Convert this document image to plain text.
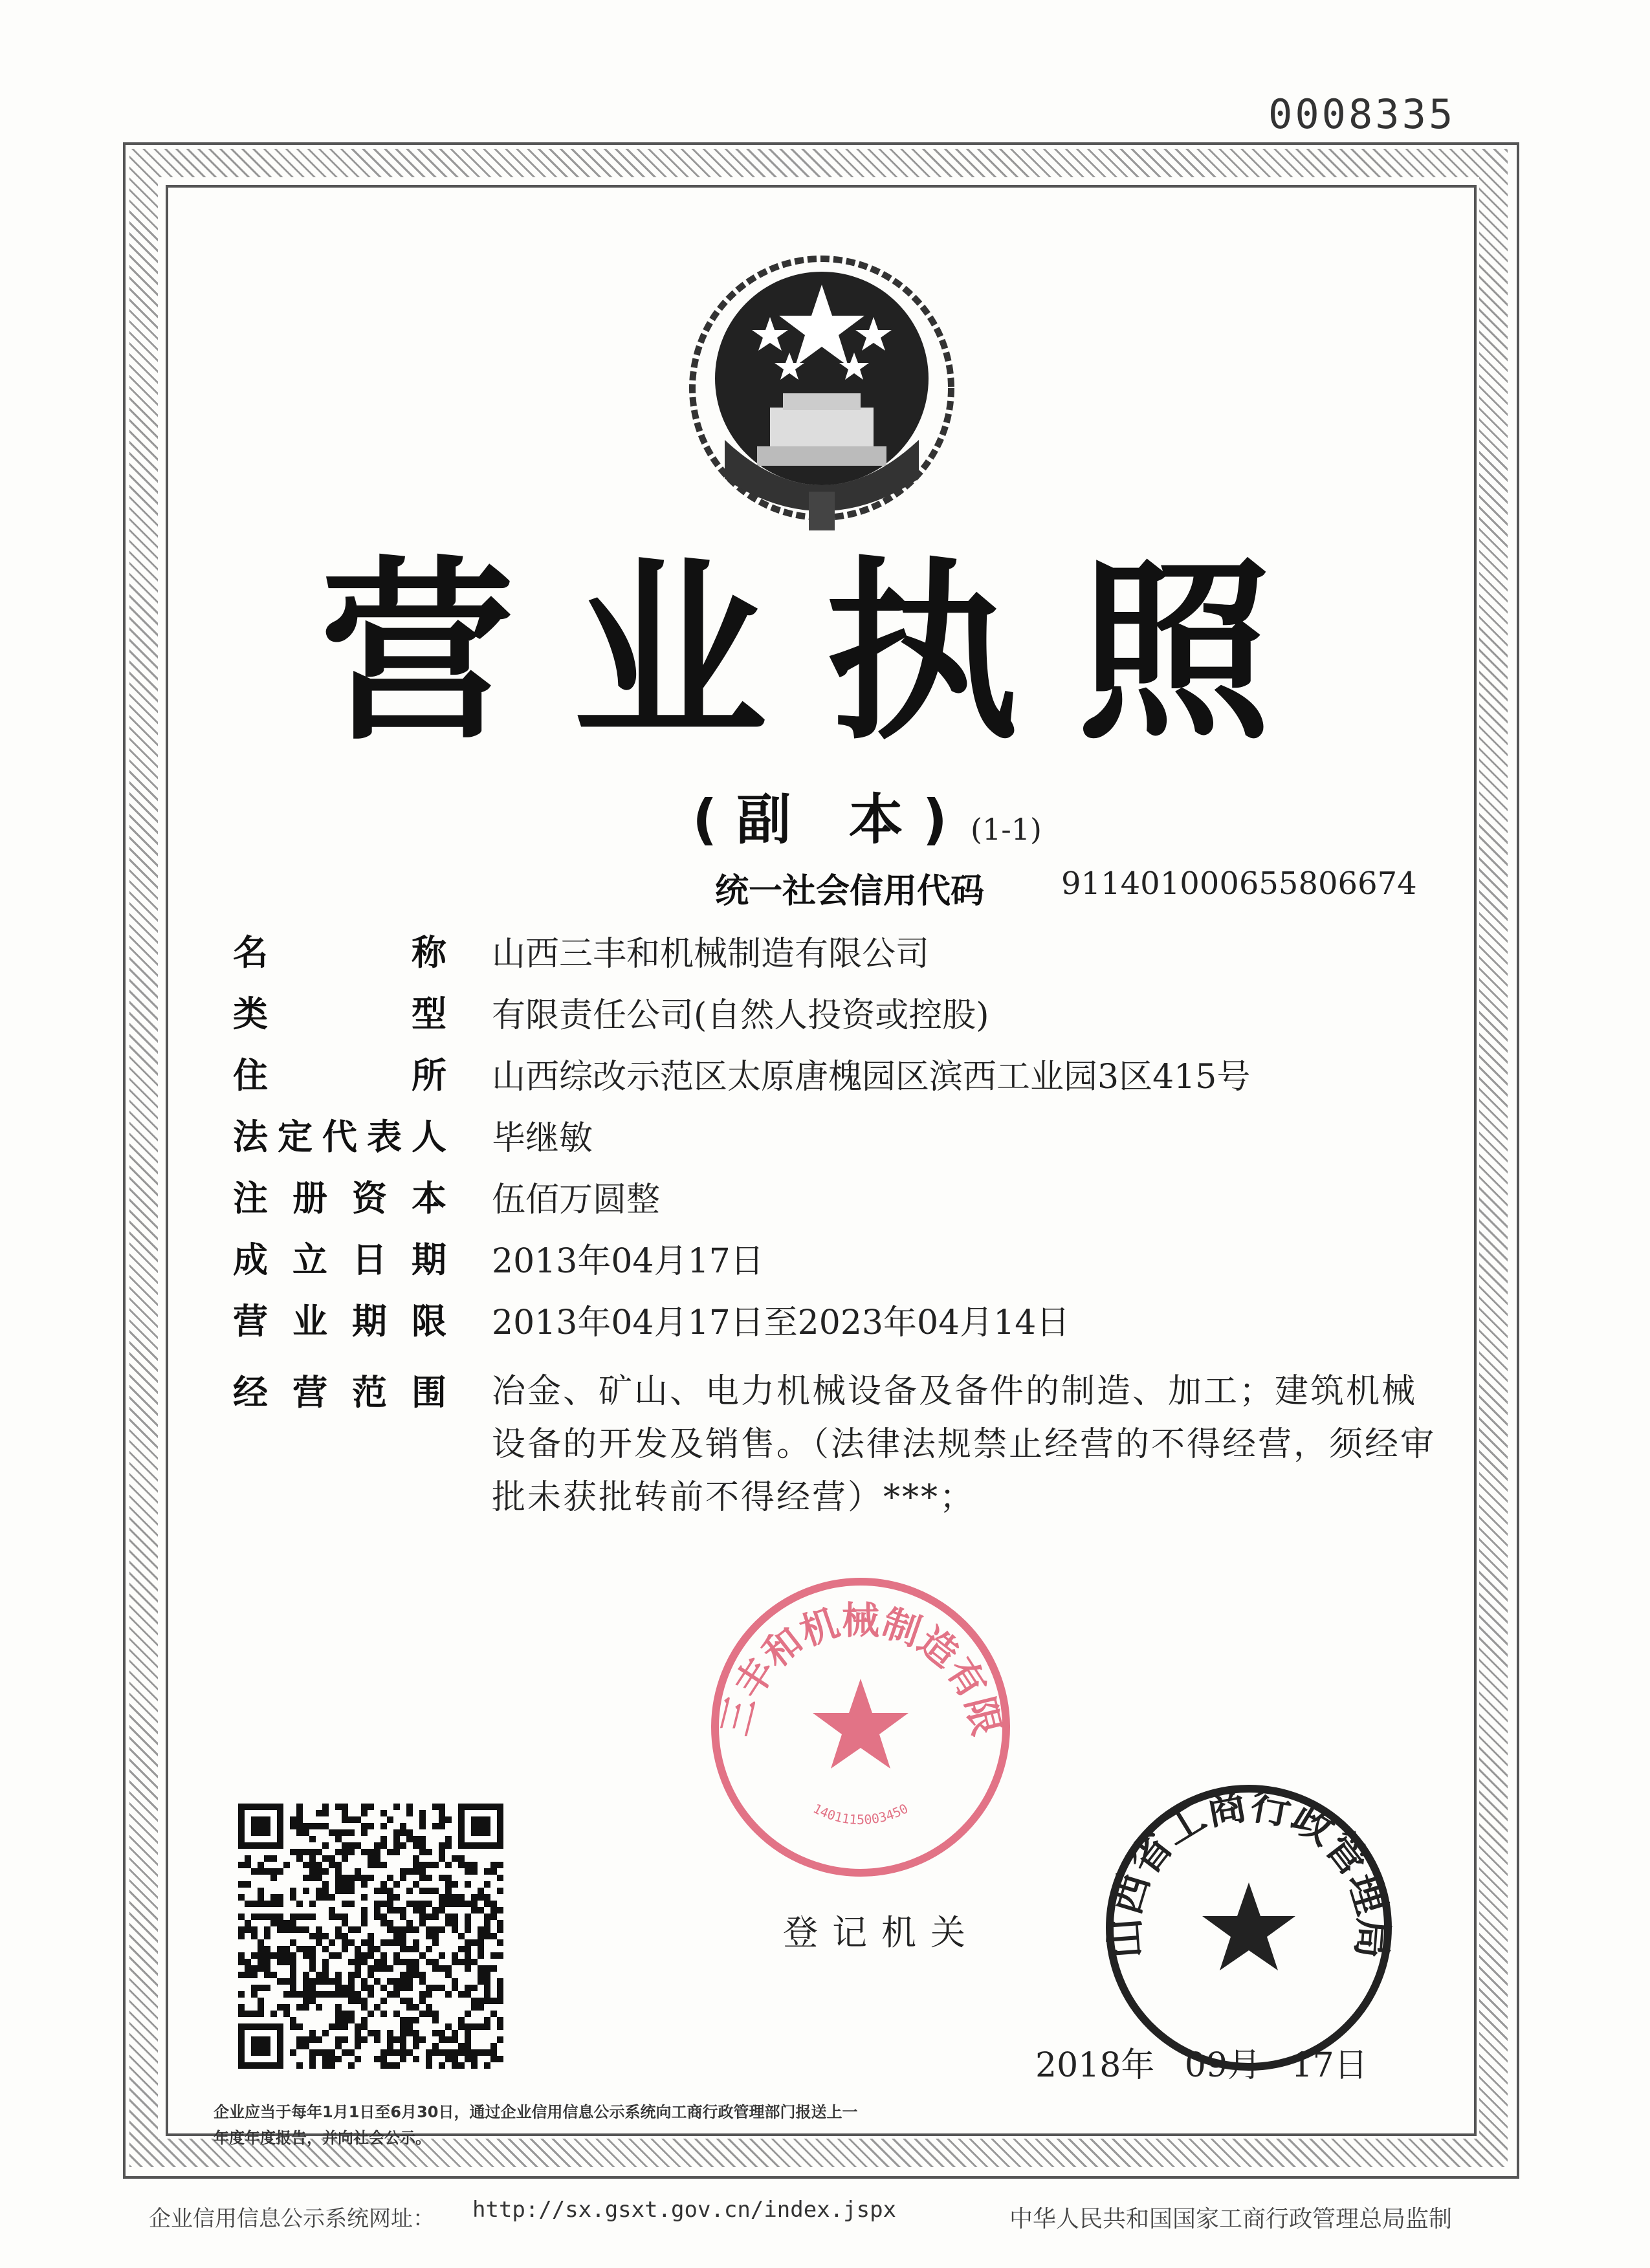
0008335
营业执照
(副 本) (1-1)
统一社会信用代码 911401000655806674
名	称 山西三丰和机械制造有限公司
类	型 有限责任公司(自然人投资或控股)
住	所 山西综改示范区太原唐槐园区滨西工业园3区415号
法 定 代 表 人 毕继敏
注 册 资 本 伍佰万圆整
成 立 日 期 2013年04月17日
营 业 期 限 2013年04月17日至2023年04月14日
经 营 范 围 冶金、矿山、电力机械设备及备件的制造、加工；建筑机械设备的开发及销售。（法律法规禁止经营的不得经营，须经审批未获批转前不得经营）***；
三丰和机械制造有限
1401115003450
登记机关	山西省工商行政管理局
2018年 09月 17日
企业应当于每年1月1日至6月30日，通过企业信用信息公示系统向工商行政管理部门报送上一年度年度报告，并向社会公示。
企业信用信息公示系统网址： http://sx.gsxt.gov.cn/index.jspx	中华人民共和国国家工商行政管理总局监制
